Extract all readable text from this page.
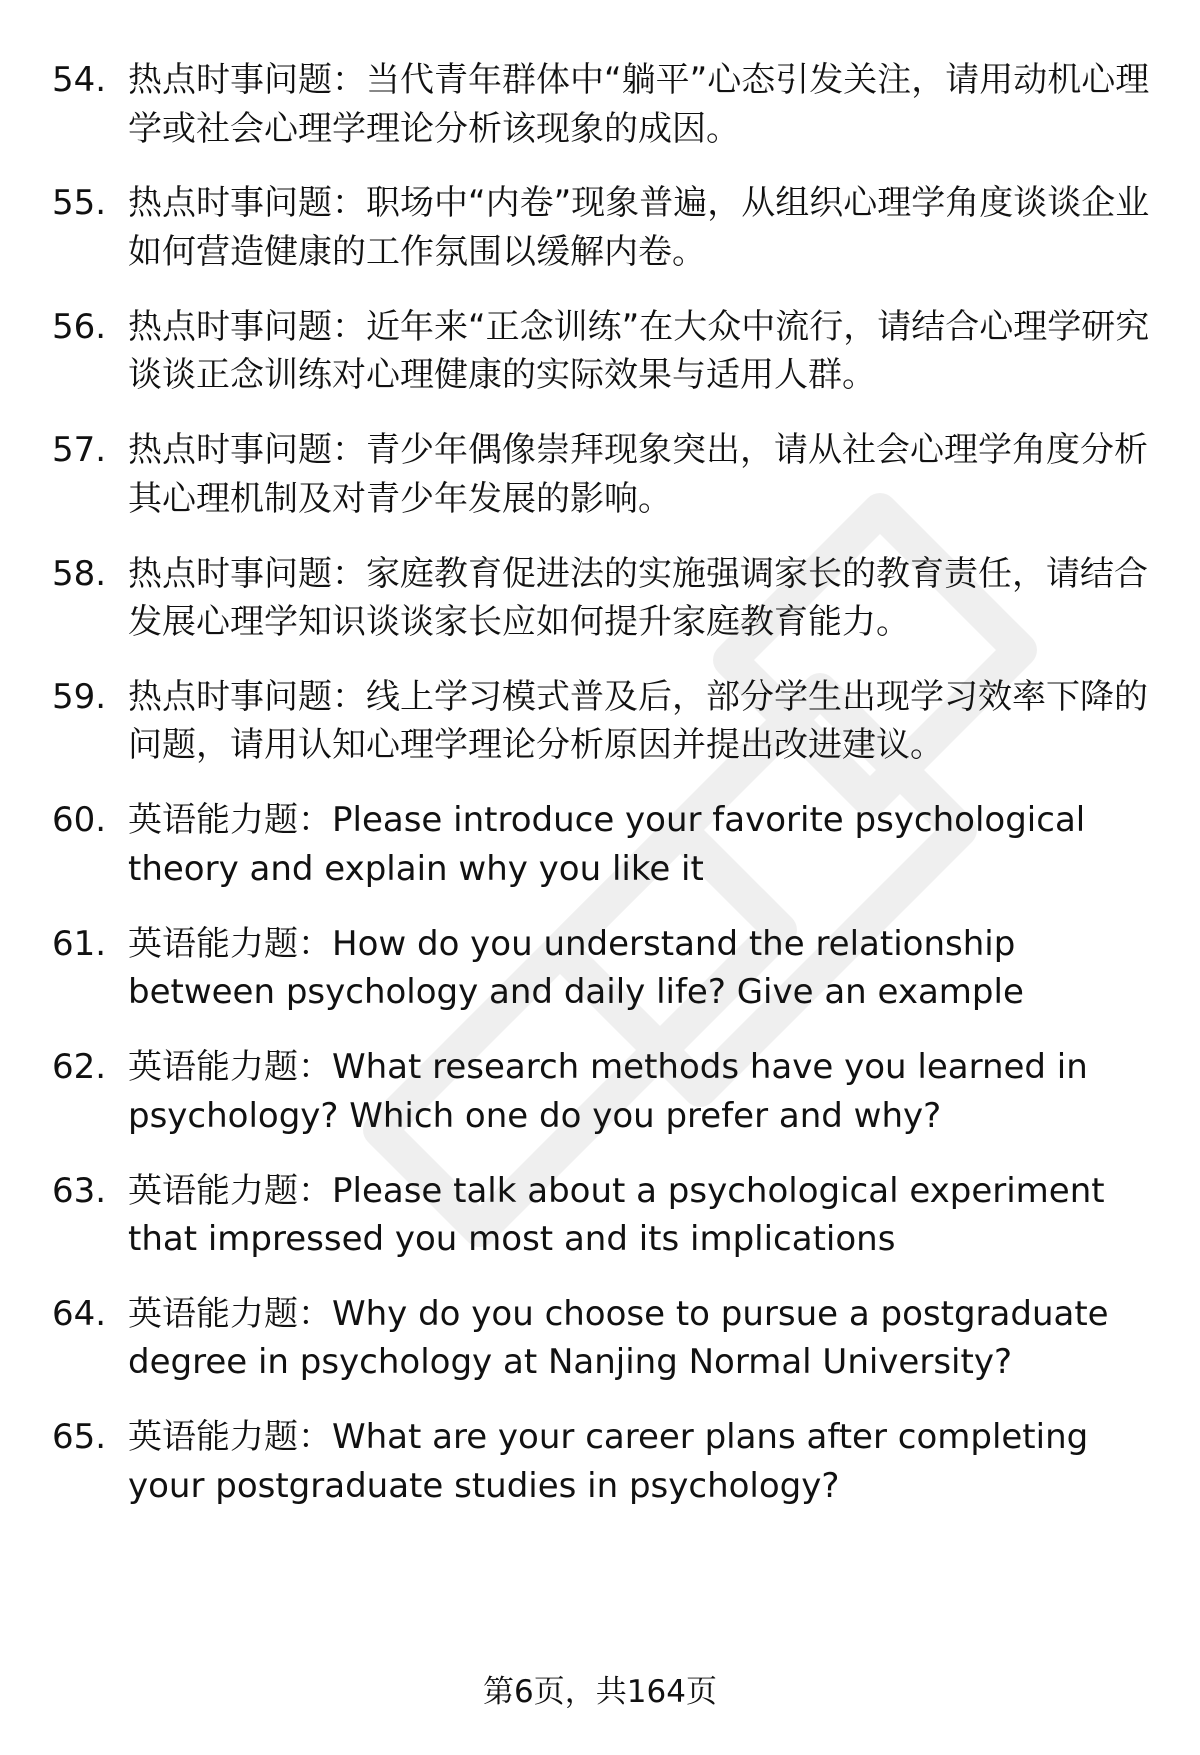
54. 热点时事问题：当代青年群体中“躺平”心态引发关注，请用动机心理学或社会心理学理论分析该现象的成因。
55. 热点时事问题：职场中“内卷”现象普遍，从组织心理学角度谈谈企业如何营造健康的工作氛围以缓解内卷。
56. 热点时事问题：近年来“正念训练”在大众中流行，请结合心理学研究谈谈正念训练对心理健康的实际效果与适用人群。
57. 热点时事问题：青少年偶像崇拜现象突出，请从社会心理学角度分析其心理机制及对青少年发展的影响。
58. 热点时事问题：家庭教育促进法的实施强调家长的教育责任，请结合发展心理学知识谈谈家长应如何提升家庭教育能力。
59. 热点时事问题：线上学习模式普及后，部分学生出现学习效率下降的问题，请用认知心理学理论分析原因并提出改进建议。
60. 英语能力题：Please introduce your favorite psychological theory and explain why you like it
61. 英语能力题：How do you understand the relationship between psychology and daily life? Give an example
62. 英语能力题：What research methods have you learned in psychology? Which one do you prefer and why?
63. 英语能力题：Please talk about a psychological experiment that impressed you most and its implications
64. 英语能力题：Why do you choose to pursue a postgraduate degree in psychology at Nanjing Normal University?
65. 英语能力题：What are your career plans after completing your postgraduate studies in psychology?
第6页，共164页
